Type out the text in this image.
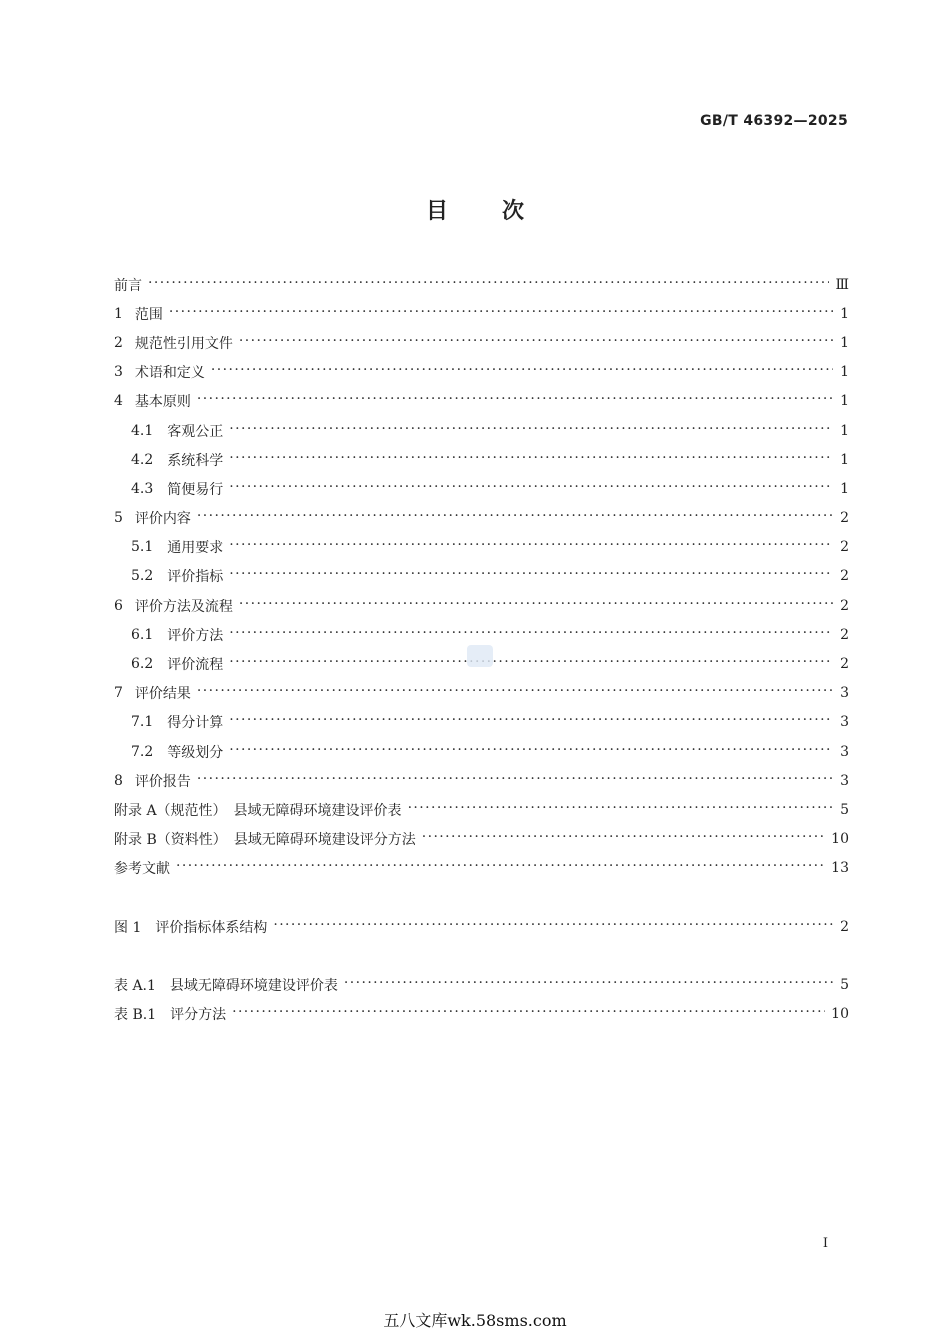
GB/T 46392—2025
目次
前言 ·····	Ⅲ
1 范围 ·····	1
2 规范性引用文件 ·····	1
3 术语和定义 ·····	1
4 基本原则 ·····	1
4.1 客观公正 ·····	1
4.2 系统科学 ·····	1
4.3 简便易行 ·····	1
5 评价内容 ·····	2
5.1 通用要求 ·····	2
5.2 评价指标 ·····	2
6 评价方法及流程 ·····	2
6.1 评价方法 ·····	2
6.2 评价流程 ·····	2
7 评价结果 ·····	3
7.1 得分计算 ·····	3
7.2 等级划分 ·····	3
8 评价报告 ·····	3
附录 A（规范性）　县域无障碍环境建设评价表 ·····	5
附录 B（资料性）　县域无障碍环境建设评分方法 ·····	10
参考文献 ·····	13
图 1　评价指标体系结构 ·····	2
表 A.1　县域无障碍环境建设评价表 ·····	5
表 B.1　评分方法 ·····	10
I
五八文库wk.58sms.com
